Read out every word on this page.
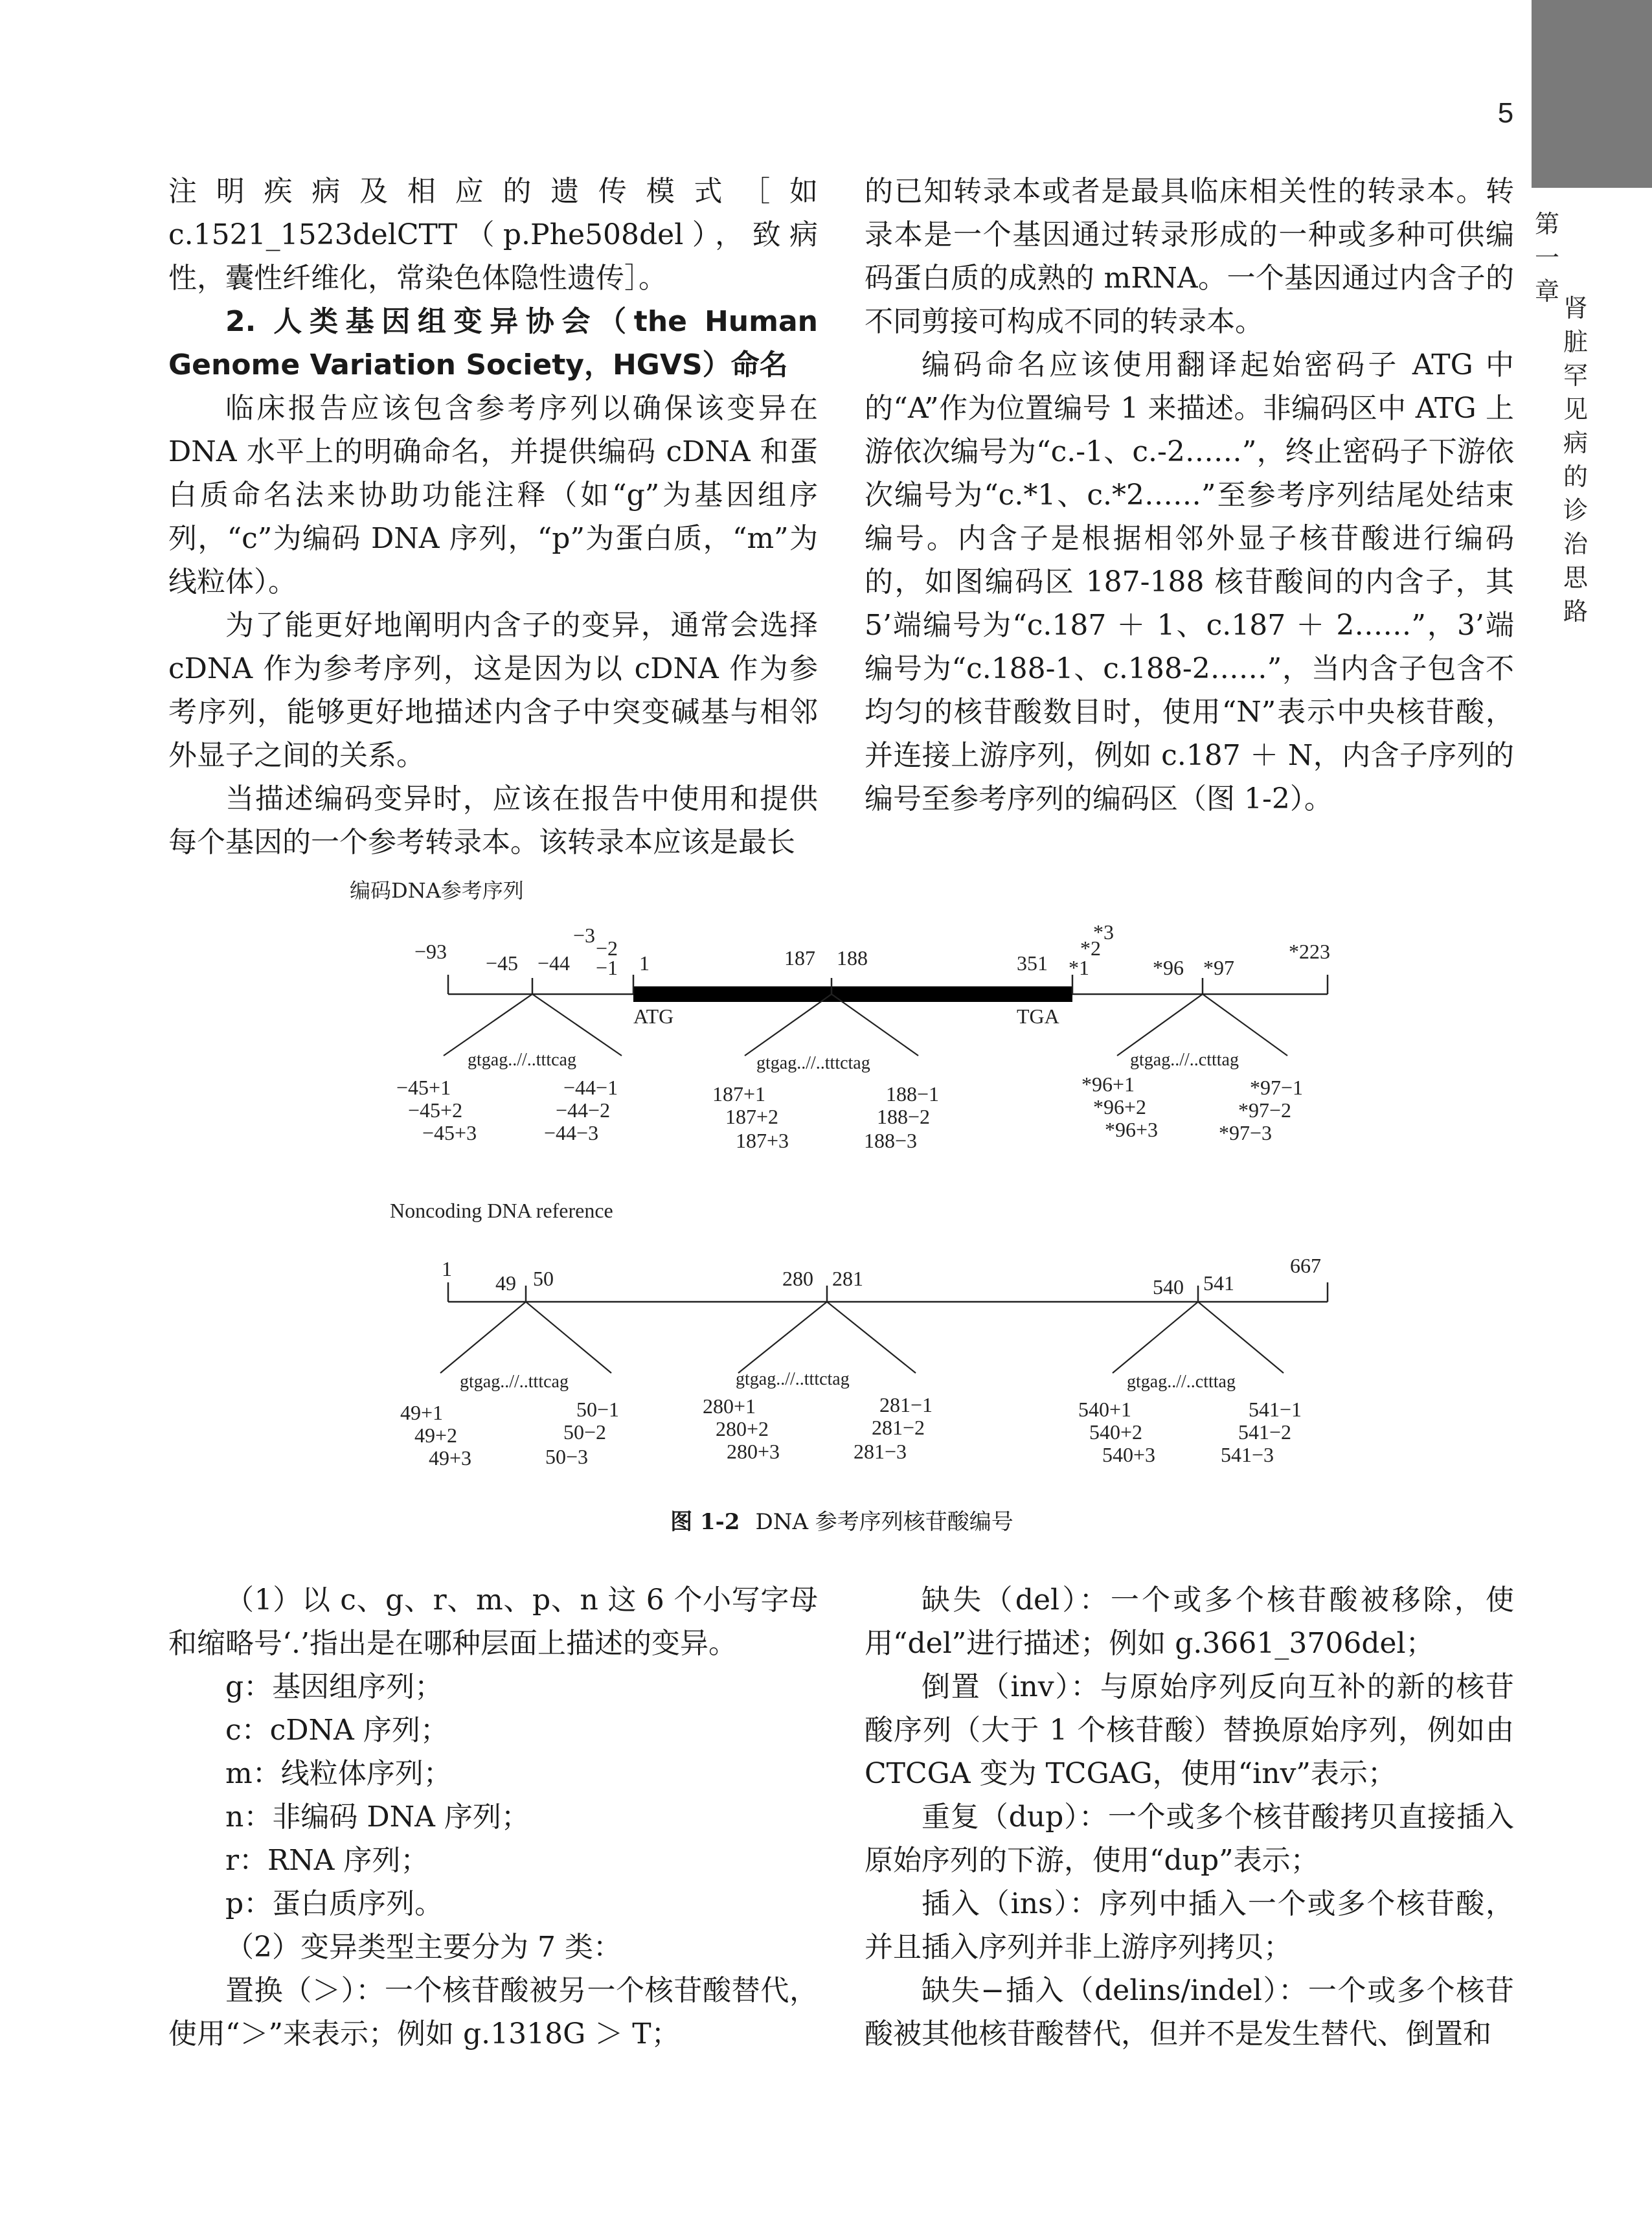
5
第一章
肾脏罕见病的诊治思路

注明疾病及相应的遗传模式［如 c.1521_1523delCTT（p.Phe508del），致病性，囊性纤维化，常染色体隐性遗传］。

2. 人类基因组变异协会（the Human Genome Variation Society，HGVS）命名

临床报告应该包含参考序列以确保该变异在 DNA 水平上的明确命名，并提供编码 cDNA 和蛋白质命名法来协助功能注释（如“g”为基因组序列，“c”为编码 DNA 序列，“p”为蛋白质，“m”为线粒体）。

为了能更好地阐明内含子的变异，通常会选择 cDNA 作为参考序列，这是因为以 cDNA 作为参考序列，能够更好地描述内含子中突变碱基与相邻外显子之间的关系。

当描述编码变异时，应该在报告中使用和提供每个基因的一个参考转录本。该转录本应该是最长

的已知转录本或者是最具临床相关性的转录本。转录本是一个基因通过转录形成的一种或多种可供编码蛋白质的成熟的 mRNA。一个基因通过内含子的不同剪接可构成不同的转录本。

编码命名应该使用翻译起始密码子 ATG 中的“A”作为位置编号 1 来描述。非编码区中 ATG 上游依次编号为“c.-1、c.-2……”，终止密码子下游依次编号为“c.*1、c.*2……”至参考序列结尾处结束编号。内含子是根据相邻外显子核苷酸进行编码的，如图编码区 187-188 核苷酸间的内含子，其 5’端编号为“c.187 ＋ 1、c.187 ＋ 2……”，3’端编号为“c.188-1、c.188-2……”，当内含子包含不均匀的核苷酸数目时，使用“N”表示中央核苷酸，并连接上游序列，例如 c.187 ＋ N，内含子序列的编号至参考序列的编码区（图 1-2）。

编码DNA参考序列
−93 −45 −44
−3
−2
−1 1	187 188	351 *1
*2
*3
*96 *97
*223
ATG	TGA
gtgag..//..tttcag	gtgag..//..tttctag	gtgag..//..ctttag
−45+1
−45+2
−45+3
−44−1
−44−2
−44−3
187+1
187+2
187+3
188−1
188−2
188−3
*96+1
*96+2
*96+3
*97−1
*97−2
*97−3
Noncoding DNA reference
1
49 50	280 281	540 541
667
gtgag..//..tttcag	gtgag..//..tttctag	gtgag..//..ctttag
49+1
49+2
49+3
50−1
50−2
50−3
280+1
280+2
280+3
281−1
281−2
281−3
540+1
540+2
540+3
541−1
541−2
541−3
图 1-2 DNA 参考序列核苷酸编号

（1）以 c、g、r、m、p、n 这 6 个小写字母和缩略号‘.’指出是在哪种层面上描述的变异。

g：基因组序列；

c：cDNA 序列；

m：线粒体序列；

n：非编码 DNA 序列；

r：RNA 序列；

p：蛋白质序列。

（2）变异类型主要分为 7 类：

置换（＞）：一个核苷酸被另一个核苷酸替代，使用“＞”来表示；例如 g.1318G ＞ T；

缺失（del）：一个或多个核苷酸被移除，使用“del”进行描述；例如 g.3661_3706del；

倒置（inv）：与原始序列反向互补的新的核苷酸序列（大于 1 个核苷酸）替换原始序列，例如由 CTCGA 变为 TCGAG，使用“inv”表示；

重复（dup）：一个或多个核苷酸拷贝直接插入原始序列的下游，使用“dup”表示；

插入（ins）：序列中插入一个或多个核苷酸，并且插入序列并非上游序列拷贝；

缺失−插入（delins/indel）：一个或多个核苷酸被其他核苷酸替代，但并不是发生替代、倒置和
